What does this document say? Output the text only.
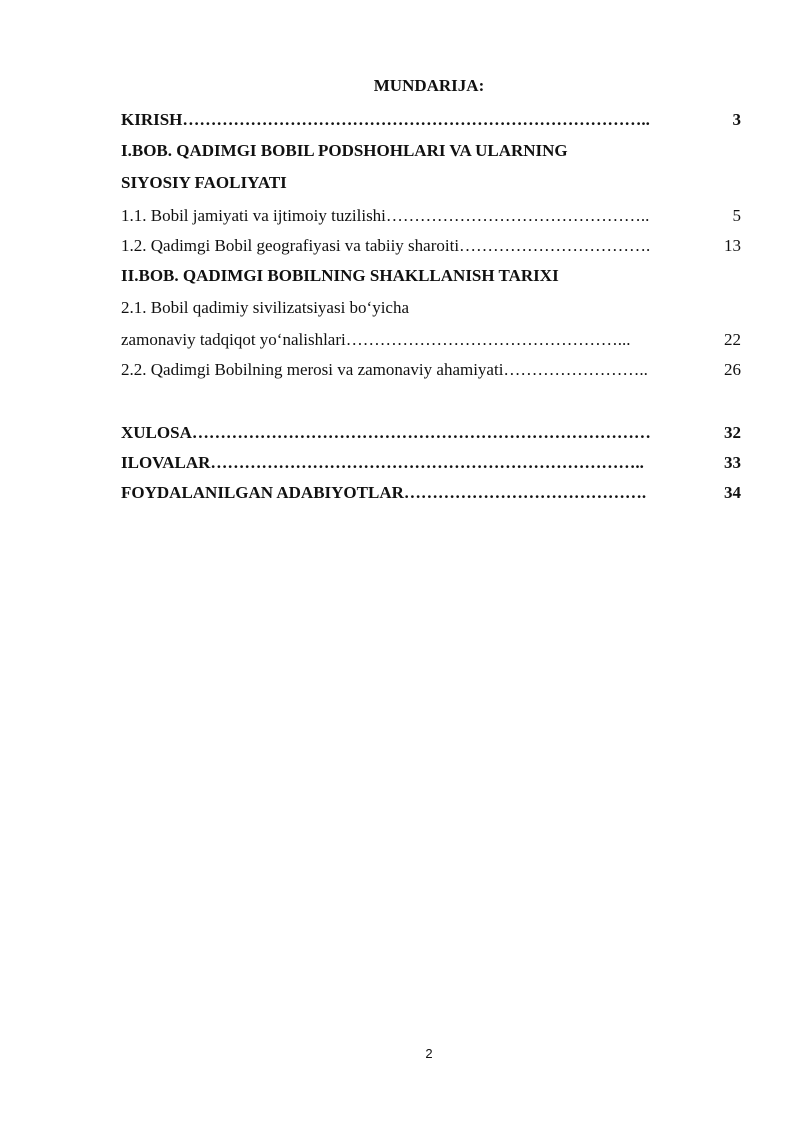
MUNDARIJA:
KIRISH………………………………………………………………………..	3
I.BOB. QADIMGI BOBIL PODSHOHLARI VA ULARNING
SIYOSIY FAOLIYATI
1.1. Bobil jamiyati va ijtimoiy tuzilishi………………………………………..	5
1.2. Qadimgi Bobil geografiyasi va tabiiy sharoiti…………………………….	13
II.BOB. QADIMGI BOBILNING SHAKLLANISH TARIXI
2.1. Bobil qadimiy sivilizatsiyasi bo‘yicha
zamonaviy tadqiqot yo‘nalishlari…………………………………………...	22
2.2. Qadimgi Bobilning merosi va zamonaviy ahamiyati……………………..	26
XULOSA………………………………………………………………………	32
ILOVALAR…………………………………………………………………..	33
FOYDALANILGAN ADABIYOTLAR…………………………………….	34
2
